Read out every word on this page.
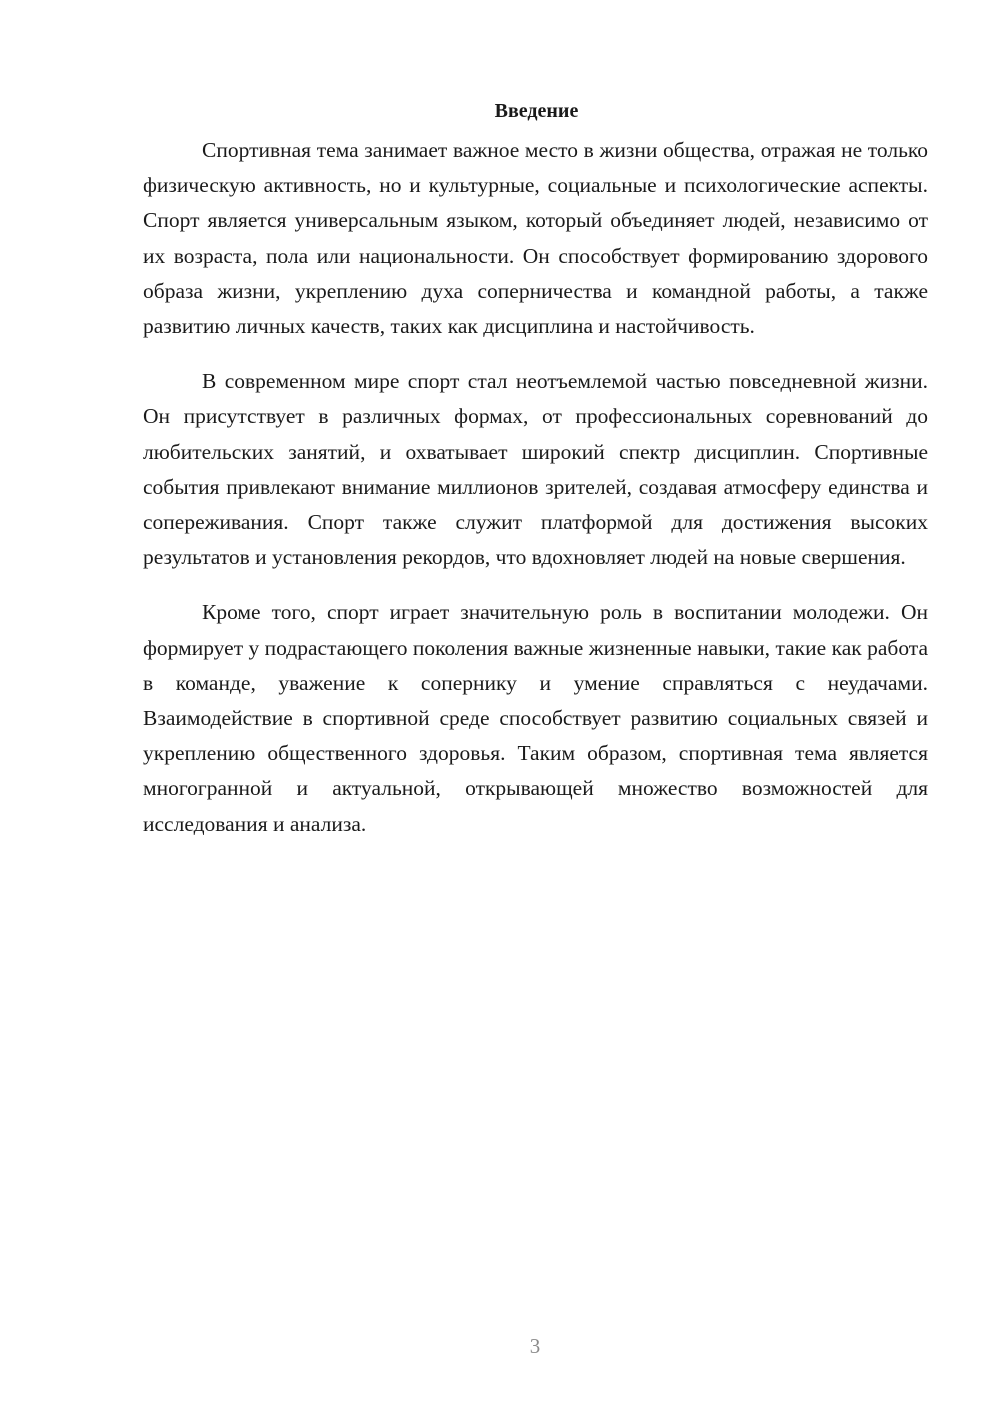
Введение

Спортивная тема занимает важное место в жизни общества, отражая не только физическую активность, но и культурные, социальные и психологические аспекты. Спорт является универсальным языком, который объединяет людей, независимо от их возраста, пола или национальности. Он способствует формированию здорового образа жизни, укреплению духа соперничества и командной работы, а также развитию личных качеств, таких как дисциплина и настойчивость.

В современном мире спорт стал неотъемлемой частью повседневной жизни. Он присутствует в различных формах, от профессиональных соревнований до любительских занятий, и охватывает широкий спектр дисциплин. Спортивные события привлекают внимание миллионов зрителей, создавая атмосферу единства и сопереживания. Спорт также служит платформой для достижения высоких результатов и установления рекордов, что вдохновляет людей на новые свершения.

Кроме того, спорт играет значительную роль в воспитании молодежи. Он формирует у подрастающего поколения важные жизненные навыки, такие как работа в команде, уважение к сопернику и умение справляться с неудачами. Взаимодействие в спортивной среде способствует развитию социальных связей и укреплению общественного здоровья. Таким образом, спортивная тема является многогранной и актуальной, открывающей множество возможностей для исследования и анализа.

3
